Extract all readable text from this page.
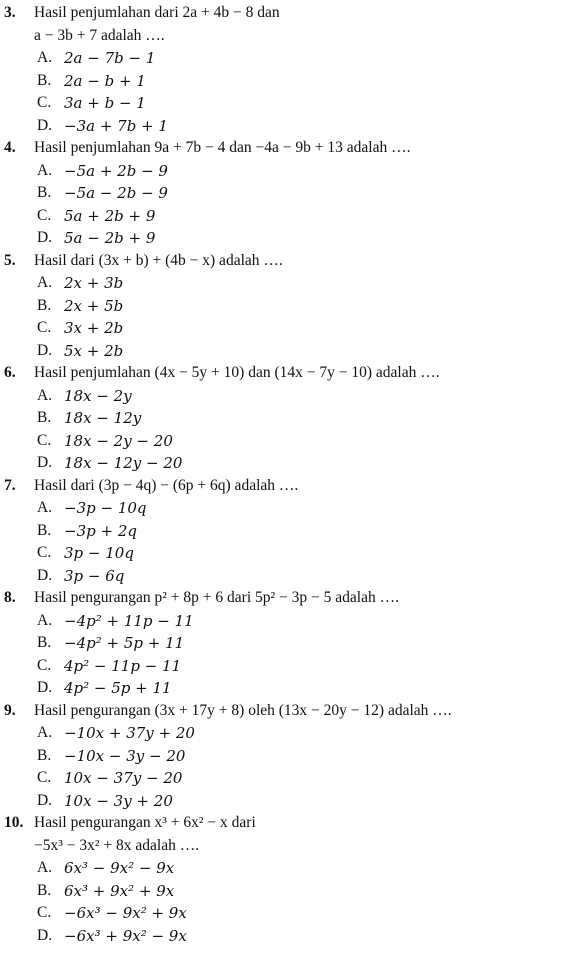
3. Hasil penjumlahan dari 2a + 4b − 8 dan
a − 3b + 7 adalah ….
A. 2a − 7b − 1
B. 2a − b + 1
C. 3a + b − 1
D. −3a + 7b + 1
4. Hasil penjumlahan 9a + 7b − 4 dan −4a − 9b + 13 adalah ….
A. −5a + 2b − 9
B. −5a − 2b − 9
C. 5a + 2b + 9
D. 5a − 2b + 9
5. Hasil dari (3x + b) + (4b − x) adalah ….
A. 2x + 3b
B. 2x + 5b
C. 3x + 2b
D. 5x + 2b
6. Hasil penjumlahan (4x − 5y + 10) dan (14x − 7y − 10) adalah ….
A. 18x − 2y
B. 18x − 12y
C. 18x − 2y − 20
D. 18x − 12y − 20
7. Hasil dari (3p − 4q) − (6p + 6q) adalah ….
A. −3p − 10q
B. −3p + 2q
C. 3p − 10q
D. 3p − 6q
8. Hasil pengurangan p² + 8p + 6 dari 5p² − 3p − 5 adalah ….
A. −4p² + 11p − 11
B. −4p² + 5p + 11
C. 4p² − 11p − 11
D. 4p² − 5p + 11
9. Hasil pengurangan (3x + 17y + 8) oleh (13x − 20y − 12) adalah ….
A. −10x + 37y + 20
B. −10x − 3y − 20
C. 10x − 37y − 20
D. 10x − 3y + 20
10. Hasil pengurangan x³ + 6x² − x dari
−5x³ − 3x² + 8x adalah ….
A. 6x³ − 9x² − 9x
B. 6x³ + 9x² + 9x
C. −6x³ − 9x² + 9x
D. −6x³ + 9x² − 9x
